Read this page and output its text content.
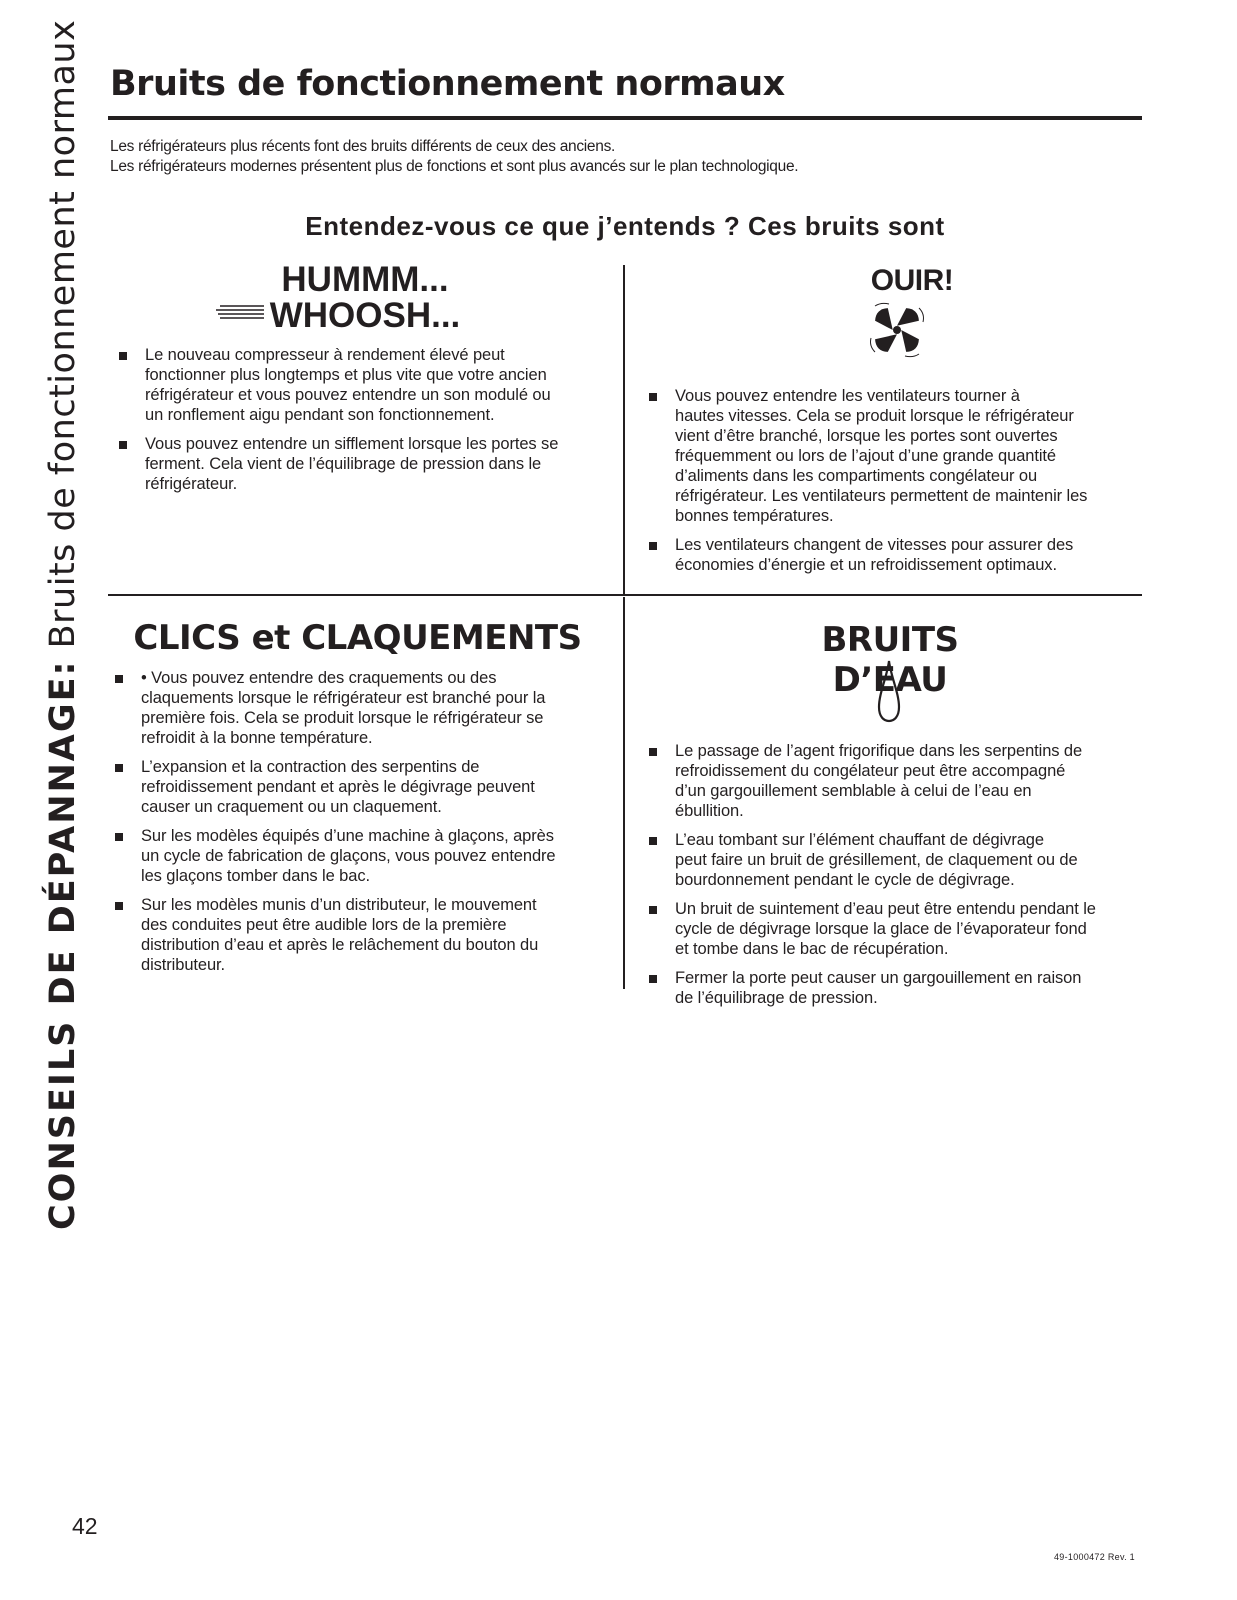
CONSEILS DE DÉPANNAGE: Bruits de fonctionnement normaux Bruits de fonctionnement normaux
Les réfrigérateurs plus récents font des bruits différents de ceux des anciens.
Les réfrigérateurs modernes présentent plus de fonctions et sont plus avancés sur le plan technologique.
Entendez-vous ce que j’entends ? Ces bruits sont
HUMMM...
WHOOSH...
Le nouveau compresseur à rendement élevé peut
fonctionner plus longtemps et plus vite que votre ancien
réfrigérateur et vous pouvez entendre un son modulé ou
un ronflement aigu pendant son fonctionnement.
Vous pouvez entendre un sifflement lorsque les portes se
ferment. Cela vient de l’équilibrage de pression dans le
réfrigérateur.
OUIR!
Vous pouvez entendre les ventilateurs tourner à
hautes vitesses. Cela se produit lorsque le réfrigérateur
vient d’être branché, lorsque les portes sont ouvertes
fréquemment ou lors de l’ajout d’une grande quantité
d’aliments dans les compartiments congélateur ou
réfrigérateur. Les ventilateurs permettent de maintenir les
bonnes températures.
Les ventilateurs changent de vitesses pour assurer des
économies d’énergie et un refroidissement optimaux.
CLICS et CLAQUEMENTS
• Vous pouvez entendre des craquements ou des
claquements lorsque le réfrigérateur est branché pour la
première fois. Cela se produit lorsque le réfrigérateur se
refroidit à la bonne température.
L’expansion et la contraction des serpentins de
refroidissement pendant et après le dégivrage peuvent
causer un craquement ou un claquement.
Sur les modèles équipés d’une machine à glaçons, après
un cycle de fabrication de glaçons, vous pouvez entendre
les glaçons tomber dans le bac.
Sur les modèles munis d’un distributeur, le mouvement
des conduites peut être audible lors de la première
distribution d’eau et après le relâchement du bouton du
distributeur.
BRUITS D’EAU
Le passage de l’agent frigorifique dans les serpentins de
refroidissement du congélateur peut être accompagné
d’un gargouillement semblable à celui de l’eau en
ébullition.
L’eau tombant sur l’élément chauffant de dégivrage
peut faire un bruit de grésillement, de claquement ou de
bourdonnement pendant le cycle de dégivrage.
Un bruit de suintement d’eau peut être entendu pendant le
cycle de dégivrage lorsque la glace de l’évaporateur fond
et tombe dans le bac de récupération.
Fermer la porte peut causer un gargouillement en raison
de l’équilibrage de pression.
42
49-1000472 Rev. 1
